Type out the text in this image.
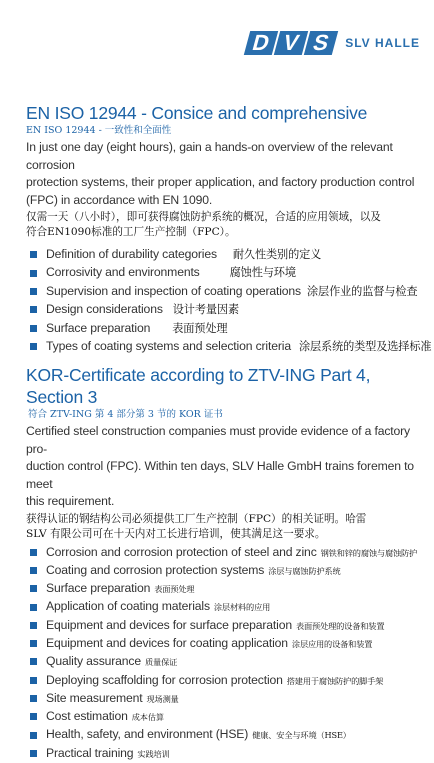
D V S	SLV HALLE
EN ISO 12944 - Consice and comprehensive
EN ISO 12944 - 一致性和全面性
In just one day (eight hours), gain a hands-on overview of the relevant corrosion
protection systems, their proper application, and factory production control
(FPC) in accordance with EN 1090.
仅需一天（八小时），即可获得腐蚀防护系统的概况，合适的应用领域，以及
符合EN1090标准的工厂生产控制（FPC）。
Definition of durability categories 耐久性类别的定义
Corrosivity and environments	腐蚀性与环境
Supervision and inspection of coating operations 涂层作业的监督与检查
Design considerations 设计考量因素
Surface preparation 表面预处理
Types of coating systems and selection criteria 涂层系统的类型及选择标准
KOR-Certificate according to ZTV-ING Part 4, Section 3
符合 ZTV-ING 第 4 部分第 3 节的 KOR 证书
Certified steel construction companies must provide evidence of a factory pro-
duction control (FPC). Within ten days, SLV Halle GmbH trains foremen to meet
this requirement.
获得认证的钢结构公司必须提供工厂生产控制（FPC）的相关证明。哈雷
SLV 有限公司可在十天内对工长进行培训，使其满足这一要求。
Corrosion and corrosion protection of steel and zinc 钢铁和锌的腐蚀与腐蚀防护
Coating and corrosion protection systems 涂层与腐蚀防护系统
Surface preparation 表面预处理
Application of coating materials 涂层材料的应用
Equipment and devices for surface preparation 表面预处理的设备和装置
Equipment and devices for coating application 涂层应用的设备和装置
Quality assurance 质量保证
Deploying scaffolding for corrosion protection 搭建用于腐蚀防护的脚手架
Site measurement 现场测量
Cost estimation 成本估算
Health, safety, and environment (HSE) 健康、安全与环境（HSE）
Practical training 实践培训
